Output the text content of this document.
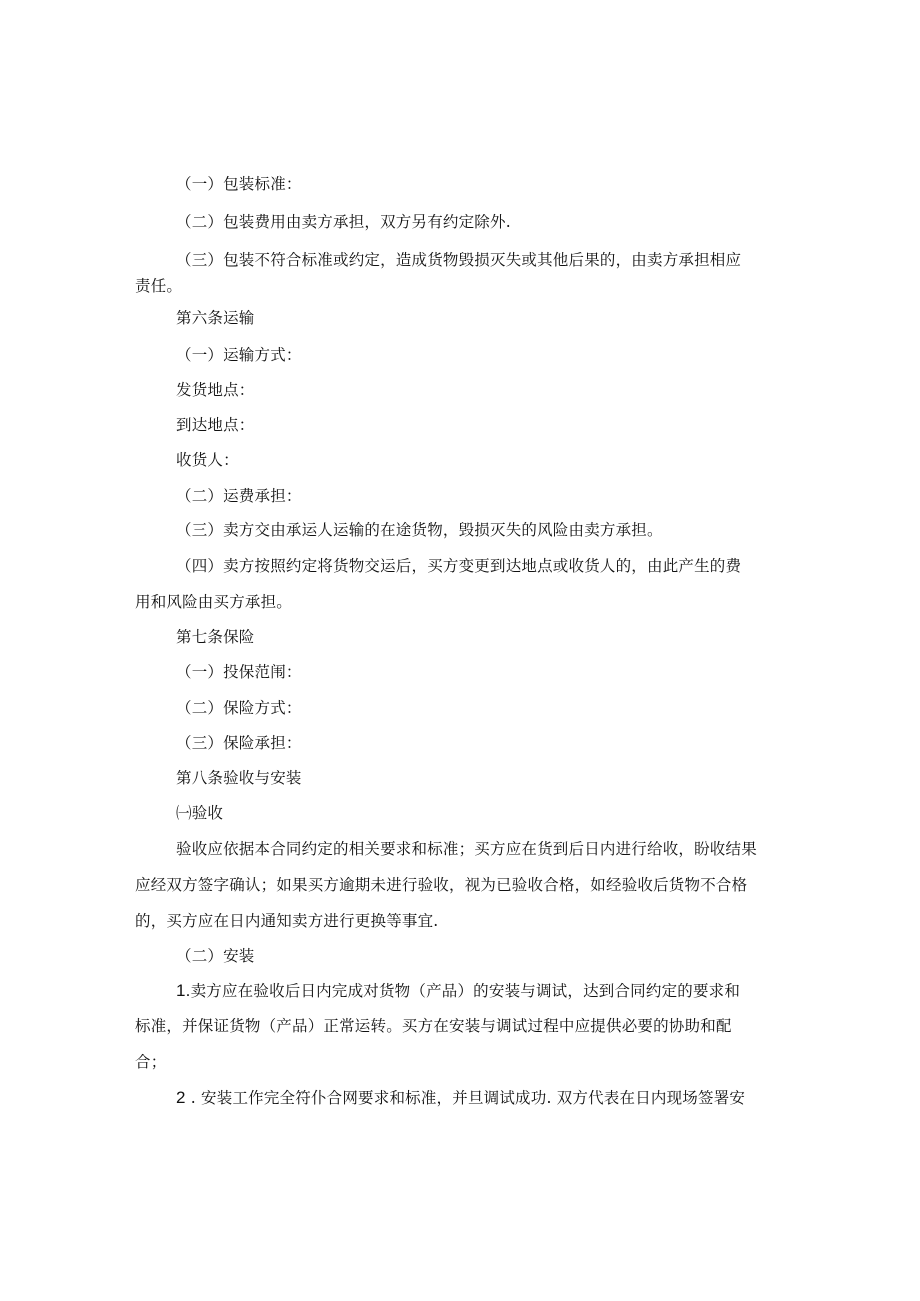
（一）包装标准：
（二）包装费用由卖方承担，双方另有约定除外.
（三）包装不符合标准或约定，造成货物毁损灭失或其他后果的，由卖方承担相应
责任。
第六条运输
（一）运输方式：
发货地点：
到达地点：
收货人：
（二）运费承担：
（三）卖方交由承运人运输的在途货物，毁损灭失的风险由卖方承担。
（四）卖方按照约定将货物交运后，买方变更到达地点或收货人的，由此产生的费
用和风险由买方承担。
第七条保险
（一）投保范闱：
（二）保险方式：
（三）保险承担：
第八条验收与安装
㈠验收
验收应依据本合同约定的相关要求和标准；买方应在货到后日内进行给收，盼收结果
应经双方签字确认；如果买方逾期未进行验收，视为已验收合格，如经验收后货物不合格
的，买方应在日内通知卖方进行更换等事宜.
（二）安装
1.卖方应在验收后日内完成对货物（产品）的安装与调试，达到合同约定的要求和
标准，并保证货物（产品）正常运转。买方在安装与调试过程中应提供必要的协助和配
合；
2 . 安装工作完全符仆合网要求和标准，并旦调试成功. 双方代表在日内现场签署安
